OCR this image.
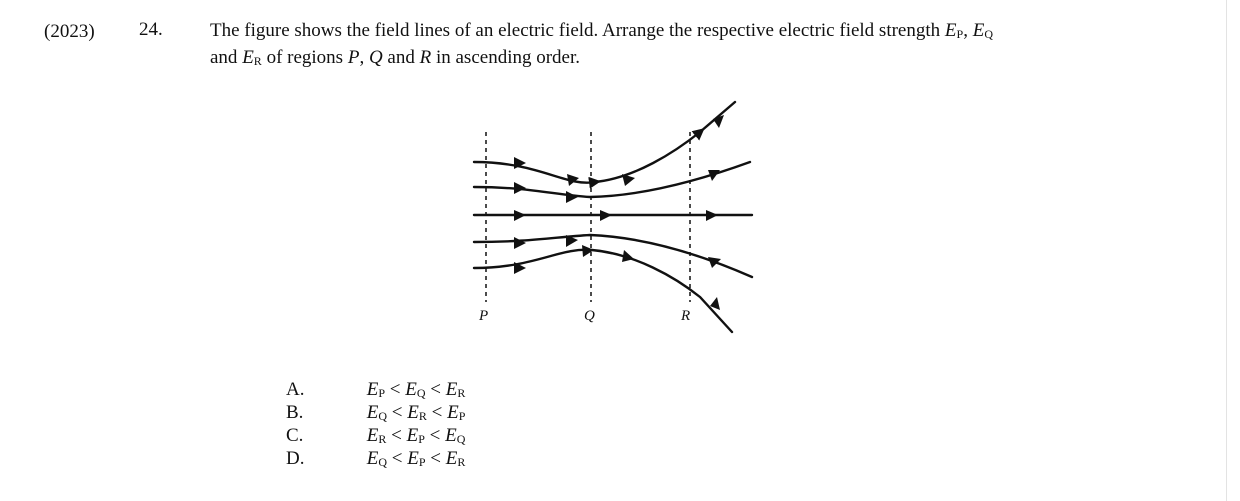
(2023) 24. The figure shows the field lines of an electric field. Arrange the respective electric field strength $E_P$, $E_Q$
and $E_R$ of regions P, Q and R in ascending order.
P	Q	R
A.	$E_P < E_Q < E_R$
B.	$E_Q < E_R < E_P$
C.	$E_R < E_P < E_Q$
D.	$E_Q < E_P < E_R$
